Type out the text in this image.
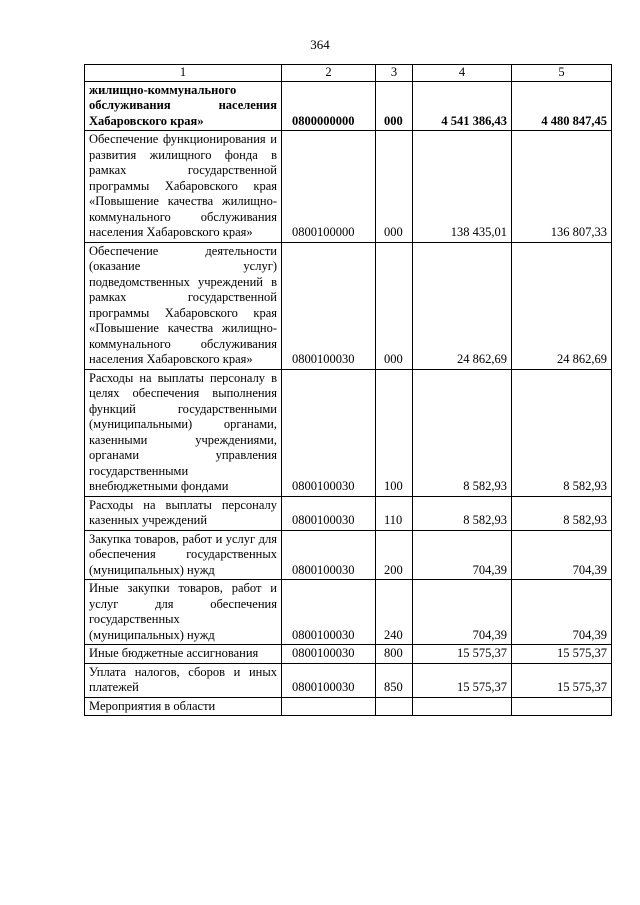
364
1	2	3	4	5
жилищно-коммунального обслуживания населения Хабаровского края»	0800000000	000	4 541 386,43	4 480 847,45
Обеспечение функционирования и развития жилищного фонда в рамках государственной программы Хабаровского края «Повышение качества жилищно-коммунального обслуживания населения Хабаровского края»	0800100000	000	138 435,01	136 807,33
Обеспечение деятельности (оказание услуг) подведомственных учреждений в рамках государственной программы Хабаровского края «Повышение качества жилищно-коммунального обслуживания населения Хабаровского края»	0800100030	000	24 862,69	24 862,69
Расходы на выплаты персоналу в целях обеспечения выполнения функций государственными (муниципальными) органами, казенными учреждениями, органами управления государственными внебюджетными фондами	0800100030	100	8 582,93	8 582,93
Расходы на выплаты персоналу казенных учреждений	0800100030	110	8 582,93	8 582,93
Закупка товаров, работ и услуг для обеспечения государственных (муниципальных) нужд	0800100030	200	704,39	704,39
Иные закупки товаров, работ и услуг для обеспечения государственных (муниципальных) нужд	0800100030	240	704,39	704,39
Иные бюджетные ассигнования	0800100030	800	15 575,37	15 575,37
Уплата налогов, сборов и иных платежей	0800100030	850	15 575,37	15 575,37
Мероприятия в области				
